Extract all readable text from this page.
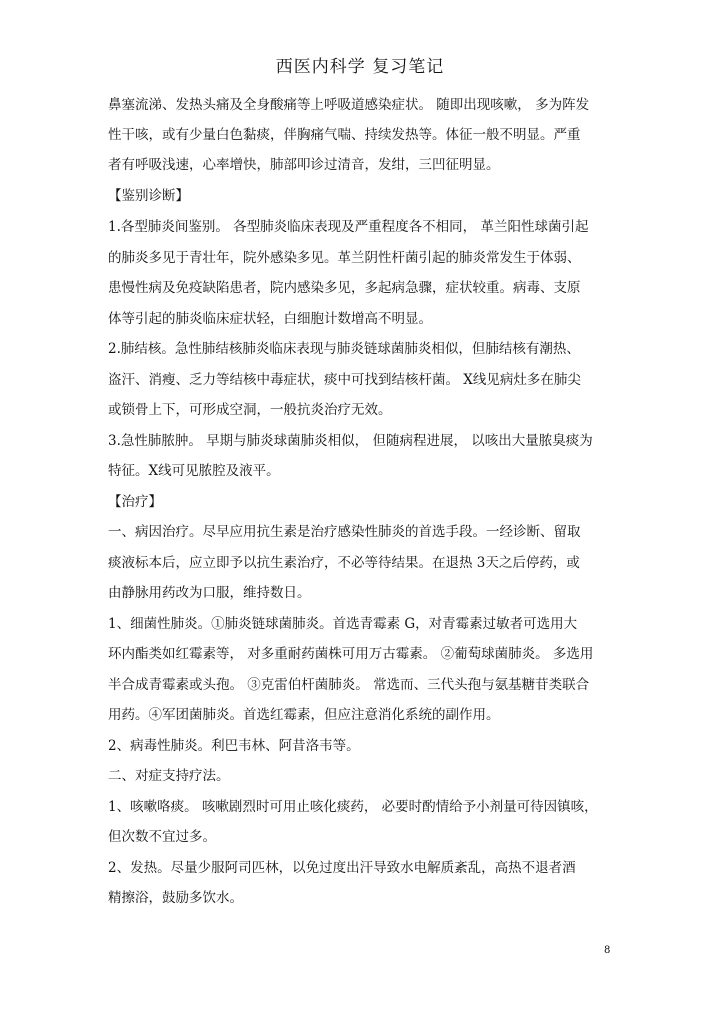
西医内科学 复习笔记
鼻塞流涕、发热头痛及全身酸痛等上呼吸道感染症状。 随即出现咳嗽， 多为阵发
性干咳，或有少量白色黏痰，伴胸痛气喘、持续发热等。体征一般不明显。严重
者有呼吸浅速，心率增快，肺部叩诊过清音，发绀，三凹征明显。
【鉴别诊断】
1.各型肺炎间鉴别。 各型肺炎临床表现及严重程度各不相同， 革兰阳性球菌引起
的肺炎多见于青壮年，院外感染多见。革兰阴性杆菌引起的肺炎常发生于体弱、
患慢性病及免疫缺陷患者，院内感染多见，多起病急骤，症状较重。病毒、支原
体等引起的肺炎临床症状轻，白细胞计数增高不明显。
2.肺结核。急性肺结核肺炎临床表现与肺炎链球菌肺炎相似，但肺结核有潮热、
盗汗、消瘦、乏力等结核中毒症状，痰中可找到结核杆菌。 X线见病灶多在肺尖
或锁骨上下，可形成空洞，一般抗炎治疗无效。
3.急性肺脓肿。 早期与肺炎球菌肺炎相似， 但随病程进展， 以咳出大量脓臭痰为
特征。X线可见脓腔及液平。
【治疗】
一、病因治疗。尽早应用抗生素是治疗感染性肺炎的首选手段。一经诊断、留取
痰液标本后，应立即予以抗生素治疗，不必等待结果。在退热 3天之后停药，或
由静脉用药改为口服，维持数日。
1、细菌性肺炎。①肺炎链球菌肺炎。首选青霉素 G，对青霉素过敏者可选用大
环内酯类如红霉素等， 对多重耐药菌株可用万古霉素。 ②葡萄球菌肺炎。 多选用
半合成青霉素或头孢。 ③克雷伯杆菌肺炎。 常选而、三代头孢与氨基糖苷类联合
用药。④军团菌肺炎。首选红霉素，但应注意消化系统的副作用。
2、病毒性肺炎。利巴韦林、阿昔洛韦等。
二、对症支持疗法。
1、咳嗽咯痰。 咳嗽剧烈时可用止咳化痰药， 必要时酌情给予小剂量可待因镇咳，
但次数不宜过多。
2、发热。尽量少服阿司匹林，以免过度出汗导致水电解质紊乱，高热不退者酒
精擦浴，鼓励多饮水。
8
